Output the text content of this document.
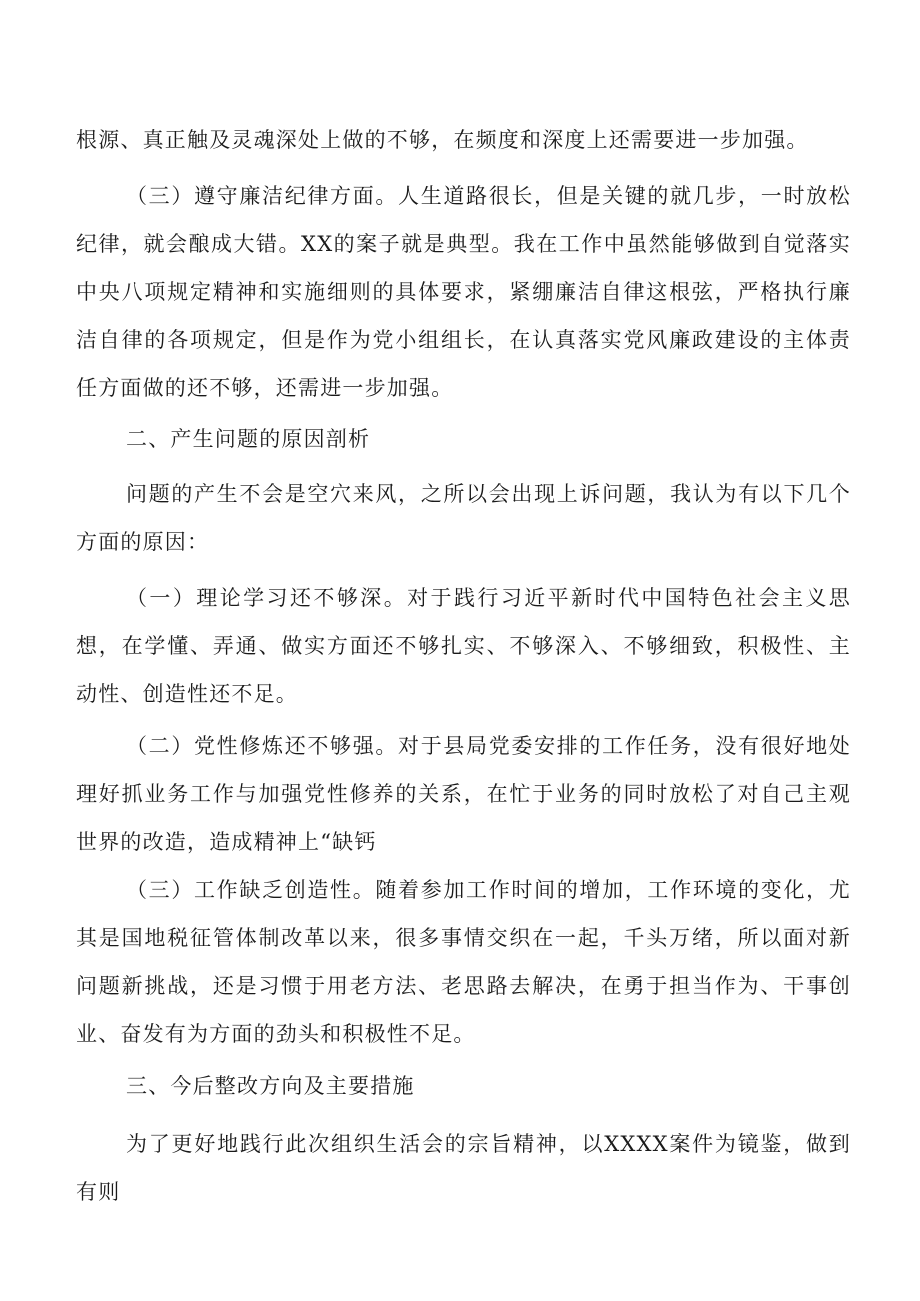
根源、真正触及灵魂深处上做的不够，在频度和深度上还需要进一步加强。

（三）遵守廉洁纪律方面。人生道路很长，但是关键的就几步，一时放松纪律，就会酿成大错。XX的案子就是典型。我在工作中虽然能够做到自觉落实中央八项规定精神和实施细则的具体要求，紧绷廉洁自律这根弦，严格执行廉洁自律的各项规定，但是作为党小组组长，在认真落实党风廉政建设的主体责任方面做的还不够，还需进一步加强。

二、产生问题的原因剖析

问题的产生不会是空穴来风，之所以会出现上诉问题，我认为有以下几个方面的原因：

（一）理论学习还不够深。对于践行习近平新时代中国特色社会主义思想，在学懂、弄通、做实方面还不够扎实、不够深入、不够细致，积极性、主动性、创造性还不足。

（二）党性修炼还不够强。对于县局党委安排的工作任务，没有很好地处理好抓业务工作与加强党性修养的关系，在忙于业务的同时放松了对自己主观世界的改造，造成精神上“缺钙

（三）工作缺乏创造性。随着参加工作时间的增加，工作环境的变化，尤其是国地税征管体制改革以来，很多事情交织在一起，千头万绪，所以面对新问题新挑战，还是习惯于用老方法、老思路去解决，在勇于担当作为、干事创业、奋发有为方面的劲头和积极性不足。

三、今后整改方向及主要措施

为了更好地践行此次组织生活会的宗旨精神，以XXXX案件为镜鉴，做到有则
